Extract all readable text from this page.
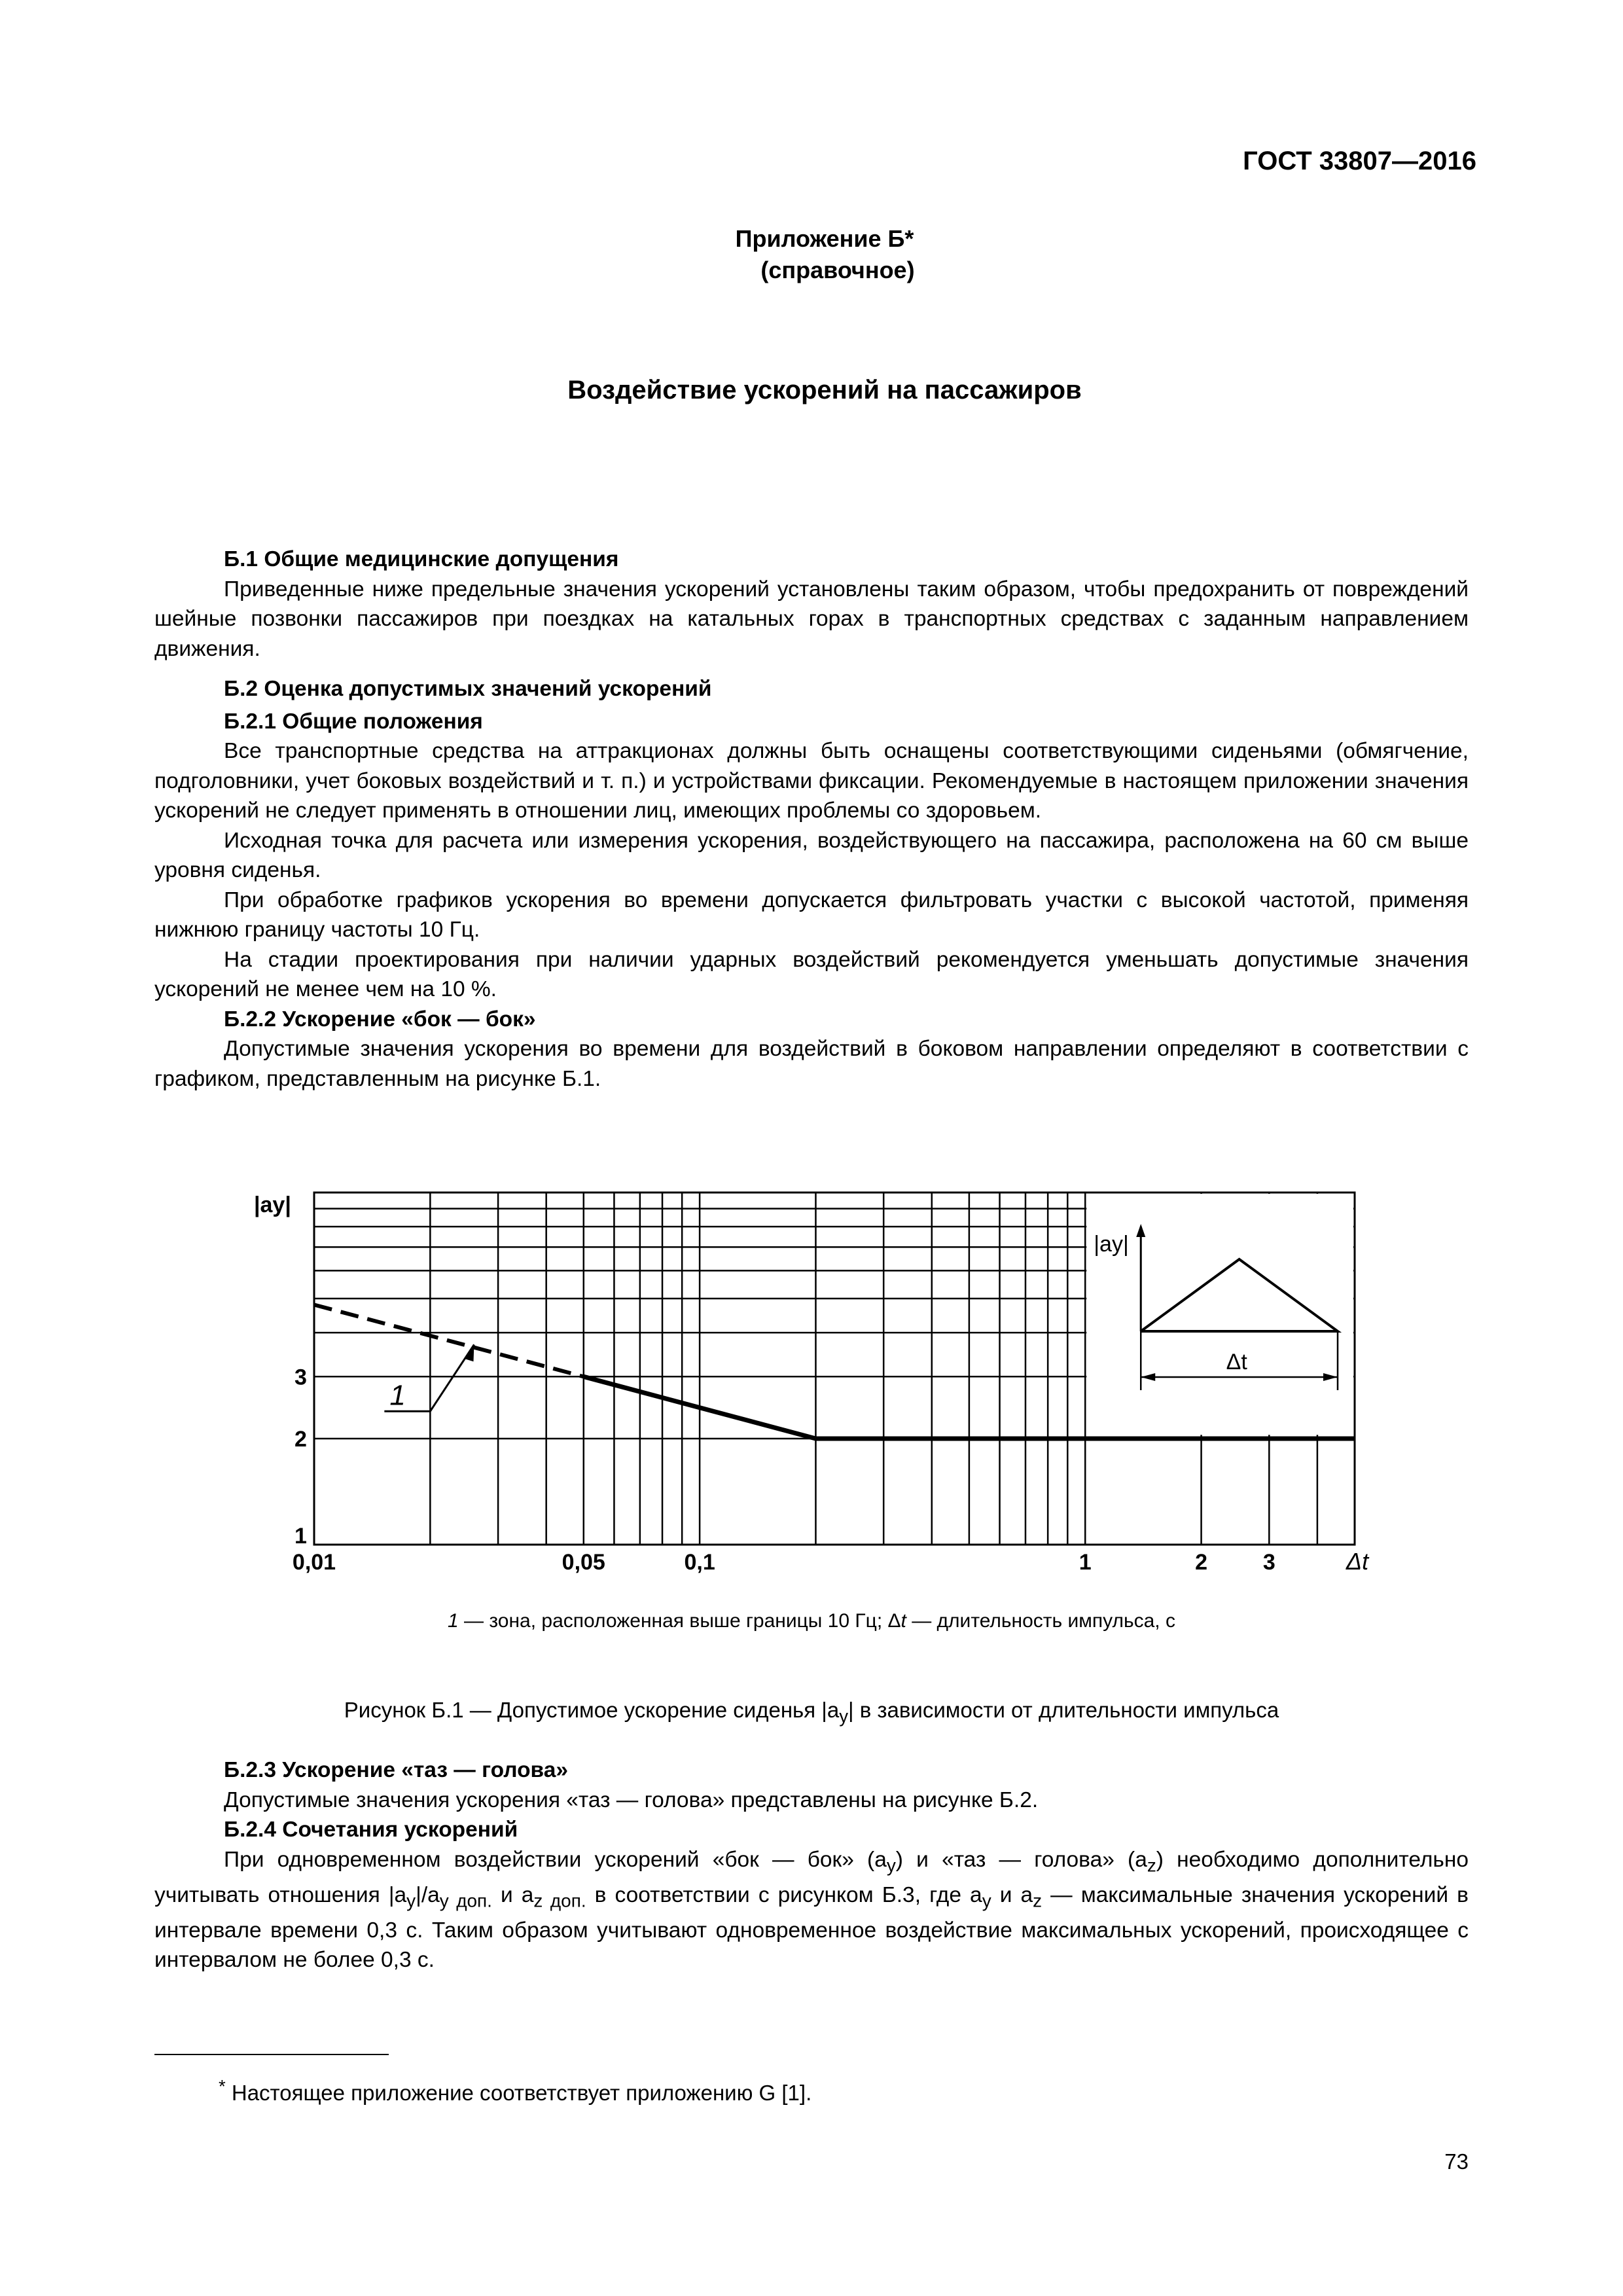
ГОСТ 33807—2016
Приложение Б*
(справочное)
Воздействие ускорений на пассажиров

Б.1 Общие медицинские допущения

Приведенные ниже предельные значения ускорений установлены таким образом, чтобы предохранить от повреждений шейные позвонки пассажиров при поездках на катальных горах в транспортных средствах с заданным направлением движения.

Б.2 Оценка допустимых значений ускорений

Б.2.1 Общие положения

Все транспортные средства на аттракционах должны быть оснащены соответствующими сиденьями (обмягчение, подголовники, учет боковых воздействий и т. п.) и устройствами фиксации. Рекомендуемые в настоящем приложении значения ускорений не следует применять в отношении лиц, имеющих проблемы со здоровьем.

Исходная точка для расчета или измерения ускорения, воздействующего на пассажира, расположена на 60 см выше уровня сиденья.

При обработке графиков ускорения во времени допускается фильтровать участки с высокой частотой, применяя нижнюю границу частоты 10 Гц.

На стадии проектирования при наличии ударных воздействий рекомендуется уменьшать допустимые значения ускорений не менее чем на 10 %.

Б.2.2 Ускорение «бок — бок»

Допустимые значения ускорения во времени для воздействий в боковом направлении определяют в соответствии с графиком, представленным на рисунке Б.1.

|ay|
1
2
3
0,01	0,05	0,1	1	2 3	Δt
1
|ay|
Δt
1 — зона, расположенная выше границы 10 Гц; Δt — длительность импульса, с
Рисунок Б.1 — Допустимое ускорение сиденья $|a_y|$ в зависимости от длительности импульса

Б.2.3 Ускорение «таз — голова»

Допустимые значения ускорения «таз — голова» представлены на рисунке Б.2.

Б.2.4 Сочетания ускорений

При одновременном воздействии ускорений «бок — бок» $(a_y)$ и «таз — голова» $(a_z)$ необходимо дополнительно учитывать отношения $|a_y|/a_{y доп.}$ и $a_{z доп.}$ в соответствии с рисунком Б.3, где $a_y$ и $a_z$ — максимальные значения ускорений в интервале времени 0,3 с. Таким образом учитывают одновременное воздействие максимальных ускорений, происходящее с интервалом не более 0,3 с.

* Настоящее приложение соответствует приложению G [1].
73
